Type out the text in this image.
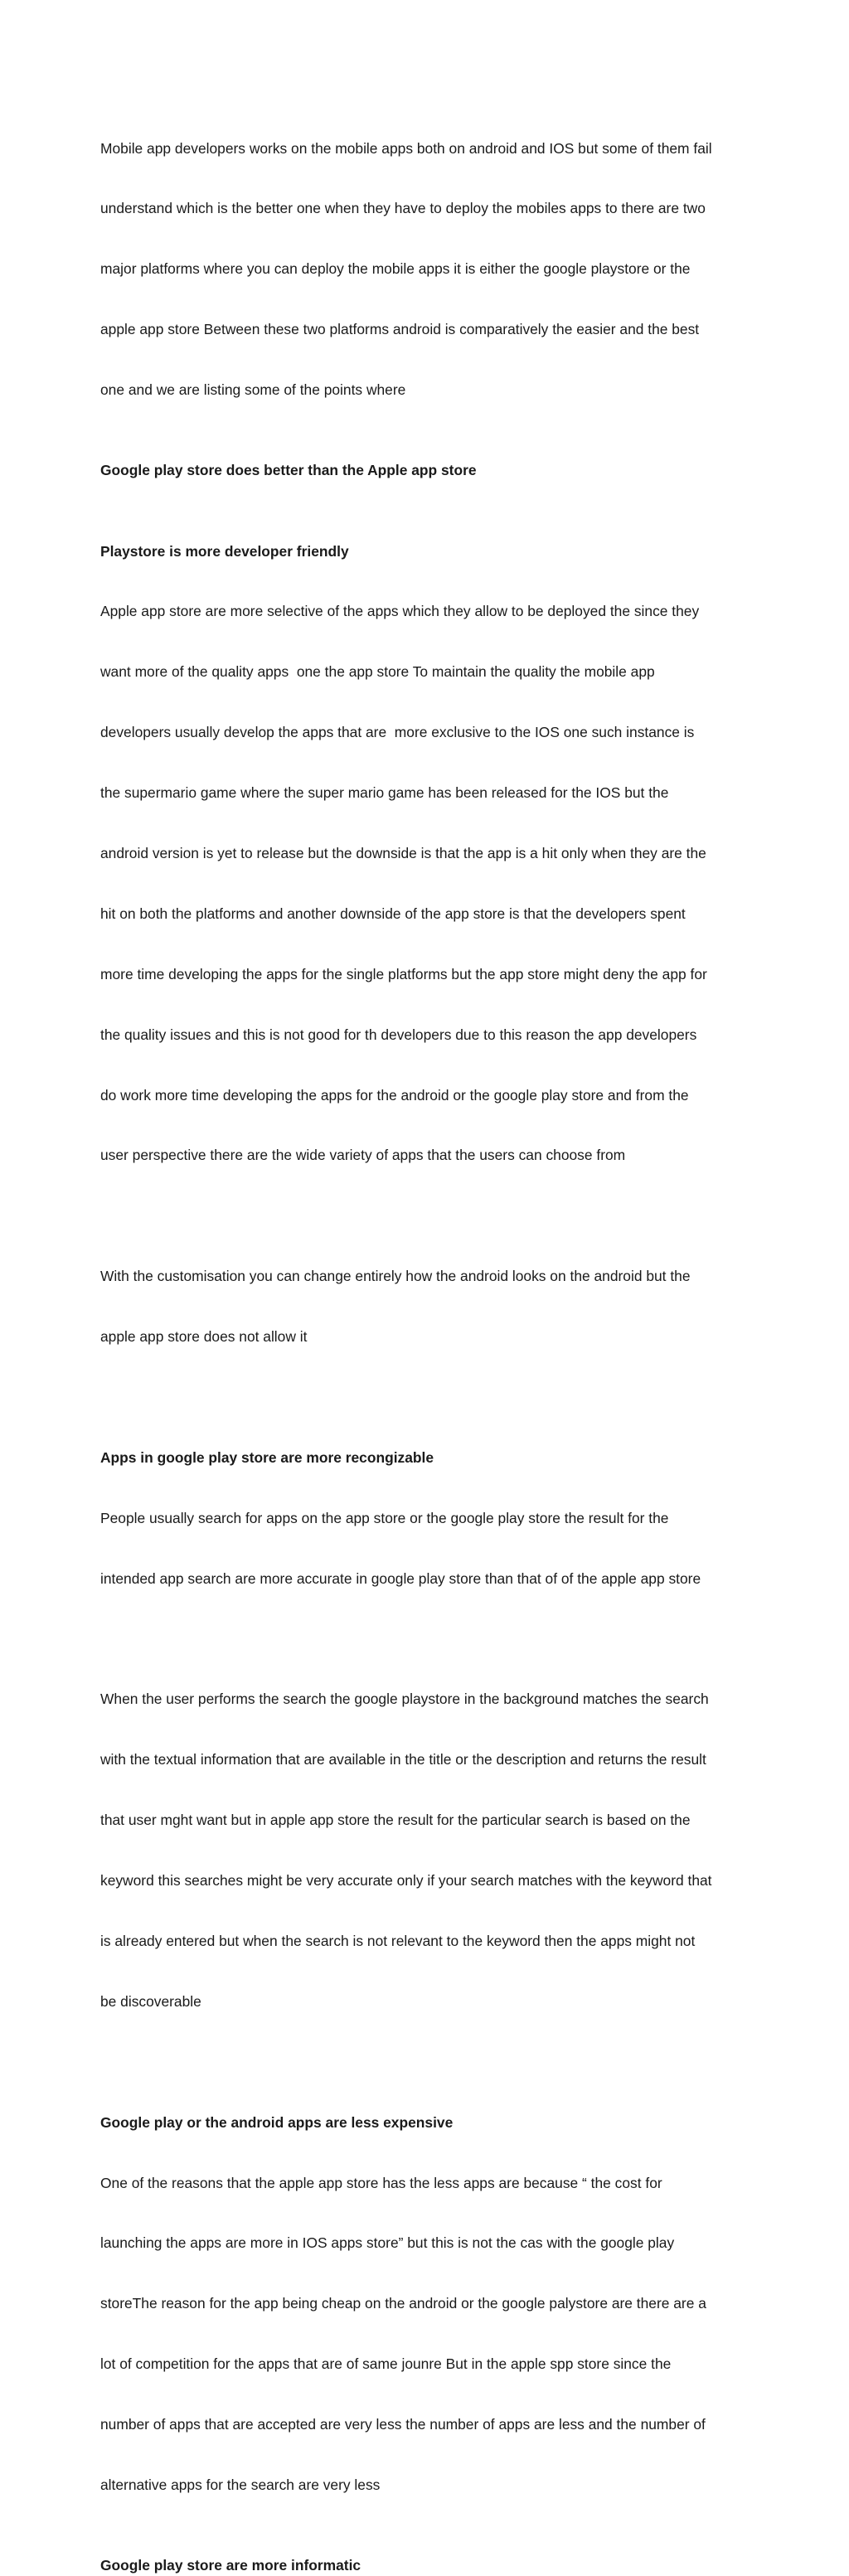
Mobile app developers works on the mobile apps both on android and IOS but some of them fail

understand which is the better one when they have to deploy the mobiles apps to there are two

major platforms where you can deploy the mobile apps it is either the google playstore or the

apple app store Between these two platforms android is comparatively the easier and the best

one and we are listing some of the points where

Google play store does better than the Apple app store

Playstore is more developer friendly

Apple app store are more selective of the apps which they allow to be deployed the since they

want more of the quality apps  one the app store To maintain the quality the mobile app

developers usually develop the apps that are  more exclusive to the IOS one such instance is

the supermario game where the super mario game has been released for the IOS but the

android version is yet to release but the downside is that the app is a hit only when they are the

hit on both the platforms and another downside of the app store is that the developers spent

more time developing the apps for the single platforms but the app store might deny the app for

the quality issues and this is not good for th developers due to this reason the app developers

do work more time developing the apps for the android or the google play store and from the

user perspective there are the wide variety of apps that the users can choose from

With the customisation you can change entirely how the android looks on the android but the

apple app store does not allow it

Apps in google play store are more recongizable

People usually search for apps on the app store or the google play store the result for the

intended app search are more accurate in google play store than that of of the apple app store

When the user performs the search the google playstore in the background matches the search

with the textual information that are available in the title or the description and returns the result

that user mght want but in apple app store the result for the particular search is based on the

keyword this searches might be very accurate only if your search matches with the keyword that

is already entered but when the search is not relevant to the keyword then the apps might not

be discoverable

Google play or the android apps are less expensive

One of the reasons that the apple app store has the less apps are because “ the cost for

launching the apps are more in IOS apps store” but this is not the cas with the google play

storeThe reason for the app being cheap on the android or the google palystore are there are a

lot of competition for the apps that are of same jounre But in the apple spp store since the

number of apps that are accepted are very less the number of apps are less and the number of

alternative apps for the search are very less

Google play store are more informatic
